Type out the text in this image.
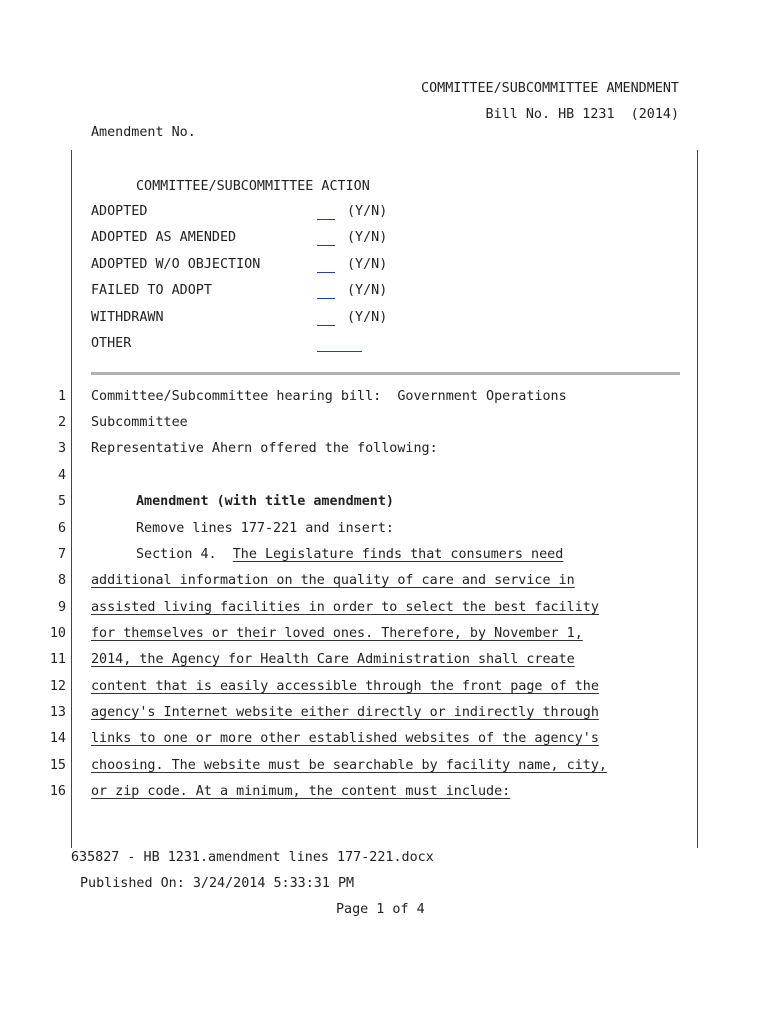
COMMITTEE/SUBCOMMITTEE AMENDMENT
Bill No. HB 1231  (2014)
Amendment No.
COMMITTEE/SUBCOMMITTEE ACTION
ADOPTED	(Y/N)
ADOPTED AS AMENDED	(Y/N)
ADOPTED W/O OBJECTION	(Y/N)
FAILED TO ADOPT	(Y/N)
WITHDRAWN	(Y/N)
OTHER
1 Committee/Subcommittee hearing bill:  Government Operations
2 Subcommittee
3 Representative Ahern offered the following:
4
5	Amendment (with title amendment)
6	Remove lines 177-221 and insert:
7	Section 4.  The Legislature finds that consumers need
8 additional information on the quality of care and service in
9 assisted living facilities in order to select the best facility
10 for themselves or their loved ones. Therefore, by November 1,
11 2014, the Agency for Health Care Administration shall create
12 content that is easily accessible through the front page of the
13 agency's Internet website either directly or indirectly through
14 links to one or more other established websites of the agency's
15 choosing. The website must be searchable by facility name, city,
16 or zip code. At a minimum, the content must include:
635827 - HB 1231.amendment lines 177-221.docx
Published On: 3/24/2014 5:33:31 PM
Page 1 of 4
